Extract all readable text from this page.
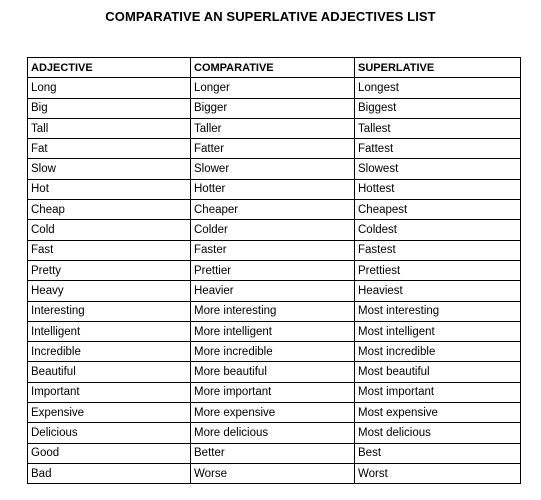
COMPARATIVE AN SUPERLATIVE ADJECTIVES LIST
ADJECTIVE	COMPARATIVE	SUPERLATIVE
Long	Longer	Longest
Big	Bigger	Biggest
Tall	Taller	Tallest
Fat	Fatter	Fattest
Slow	Slower	Slowest
Hot	Hotter	Hottest
Cheap	Cheaper	Cheapest
Cold	Colder	Coldest
Fast	Faster	Fastest
Pretty	Prettier	Prettiest
Heavy	Heavier	Heaviest
Interesting	More interesting	Most interesting
Intelligent	More intelligent	Most intelligent
Incredible	More incredible	Most incredible
Beautiful	More beautiful	Most beautiful
Important	More important	Most important
Expensive	More expensive	Most expensive
Delicious	More delicious	Most delicious
Good	Better	Best
Bad	Worse	Worst
